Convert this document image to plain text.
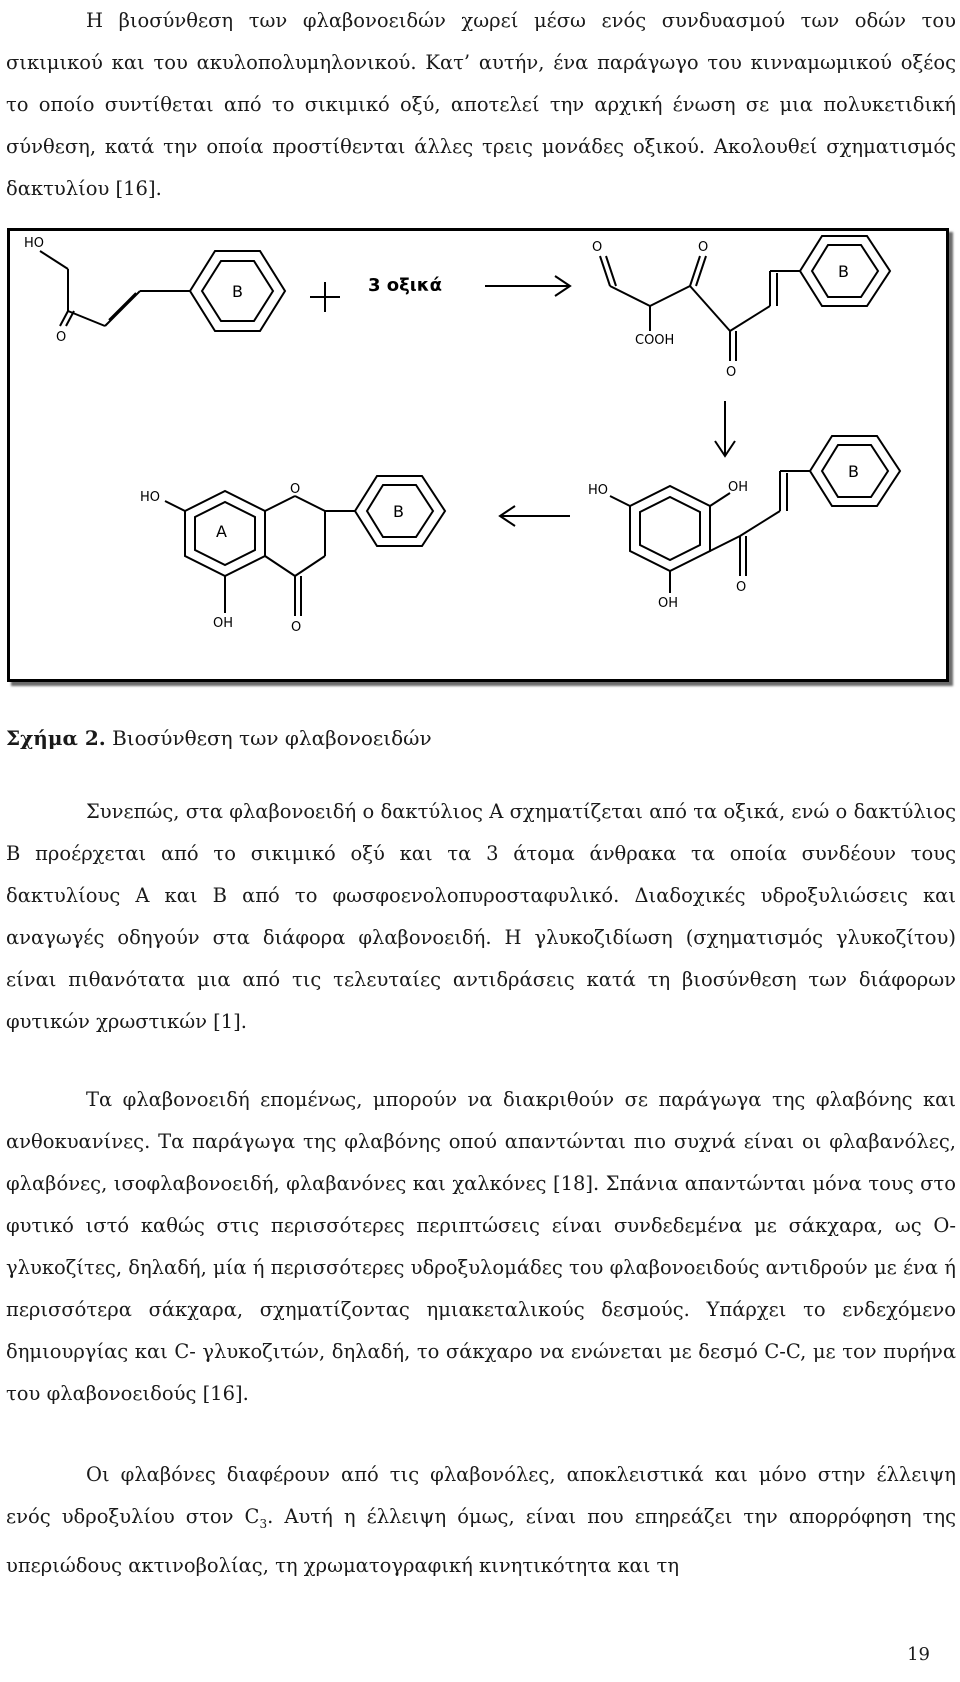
Η βιοσύνθεση των φλαβονοειδών χωρεί μέσω ενός συνδυασμού των οδών του σικιμικού και του ακυλοπολυμηλονικού. Κατ’ αυτήν, ένα παράγωγο του κινναμωμικού οξέος το οποίο συντίθεται από το σικιμικό οξύ, αποτελεί την αρχική ένωση σε μια πολυκετιδική σύνθεση, κατά την οποία προστίθενται άλλες τρεις μονάδες οξικού. Ακολουθεί σχηματισμός δακτυλίου [16].

HO
O
B	3 οξικά
O	O
COOH
O
B
HO	OH
OH
O
B
HO
O
A
B
O
OH
Σχήμα 2. Βιοσύνθεση των φλαβονοειδών

Συνεπώς, στα φλαβονοειδή ο δακτύλιος Α σχηματίζεται από τα οξικά, ενώ ο δακτύλιος Β προέρχεται από το σικιμικό οξύ και τα 3 άτομα άνθρακα τα οποία συνδέουν τους δακτυλίους Α και Β από το φωσφοενολοπυροσταφυλικό. Διαδοχικές υδροξυλιώσεις και αναγωγές οδηγούν στα διάφορα φλαβονοειδή. Η γλυκοζιδίωση (σχηματισμός γλυκοζίτου) είναι πιθανότατα μια από τις τελευταίες αντιδράσεις κατά τη βιοσύνθεση των διάφορων φυτικών χρωστικών [1].

Τα φλαβονοειδή επομένως, μπορούν να διακριθούν σε παράγωγα της φλαβόνης και ανθοκυανίνες. Τα παράγωγα της φλαβόνης οπού απαντώνται πιο συχνά είναι οι φλαβανόλες, φλαβόνες, ισοφλαβονοειδή, φλαβανόνες και χαλκόνες [18]. Σπάνια απαντώνται μόνα τους στο φυτικό ιστό καθώς στις περισσότερες περιπτώσεις είναι συνδεδεμένα με σάκχαρα, ως Ο-γλυκοζίτες, δηλαδή, μία ή περισσότερες υδροξυλομάδες του φλαβονοειδούς αντιδρούν με ένα ή περισσότερα σάκχαρα, σχηματίζοντας ημιακεταλικούς δεσμούς. Υπάρχει το ενδεχόμενο δημιουργίας και C- γλυκοζιτών, δηλαδή, το σάκχαρο να ενώνεται με δεσμό C-C, με τον πυρήνα του φλαβονοειδούς [16].

Οι φλαβόνες διαφέρουν από τις φλαβονόλες, αποκλειστικά και μόνο στην έλλειψη ενός υδροξυλίου στον $C_3$. Αυτή η έλλειψη όμως, είναι που επηρεάζει την απορρόφηση της υπεριώδους ακτινοβολίας, τη χρωματογραφική κινητικότητα και τη

19
